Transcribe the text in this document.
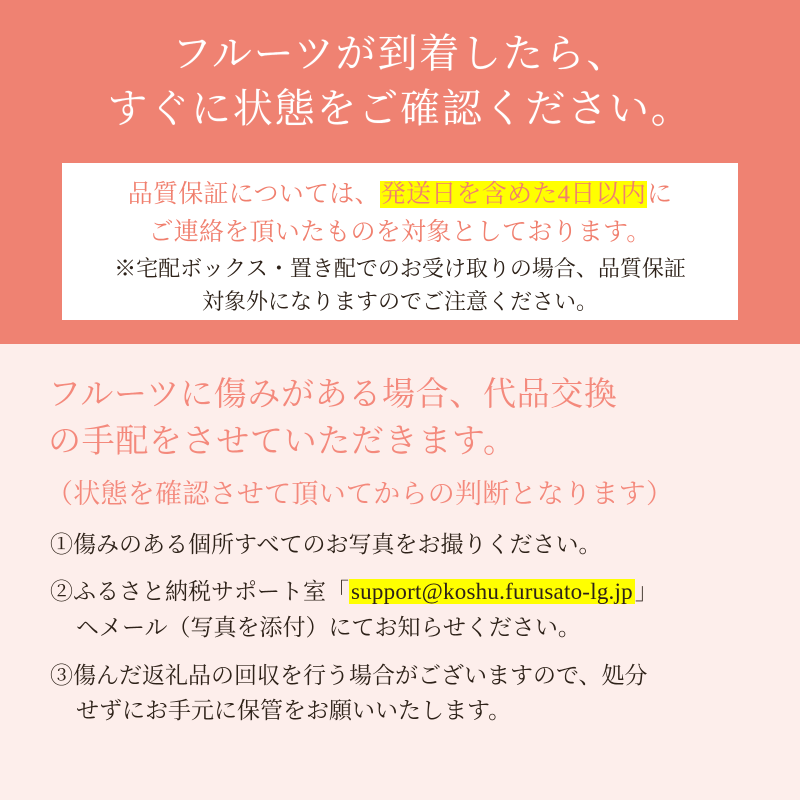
フルーツが到着したら、
すぐに状態をご確認ください。
品質保証については、発送日を含めた4日以内に
ご連絡を頂いたものを対象としております。
※宅配ボックス・置き配でのお受け取りの場合、品質保証
対象外になりますのでご注意ください。
フルーツに傷みがある場合、代品交換
の手配をさせていただきます。
（状態を確認させて頂いてからの判断となります）
①傷みのある個所すべてのお写真をお撮りください。
②ふるさと納税サポート室「support@koshu.furusato-lg.jp」
ヘメール（写真を添付）にてお知らせください。
③傷んだ返礼品の回収を行う場合がございますので、処分
せずにお手元に保管をお願いいたします。
